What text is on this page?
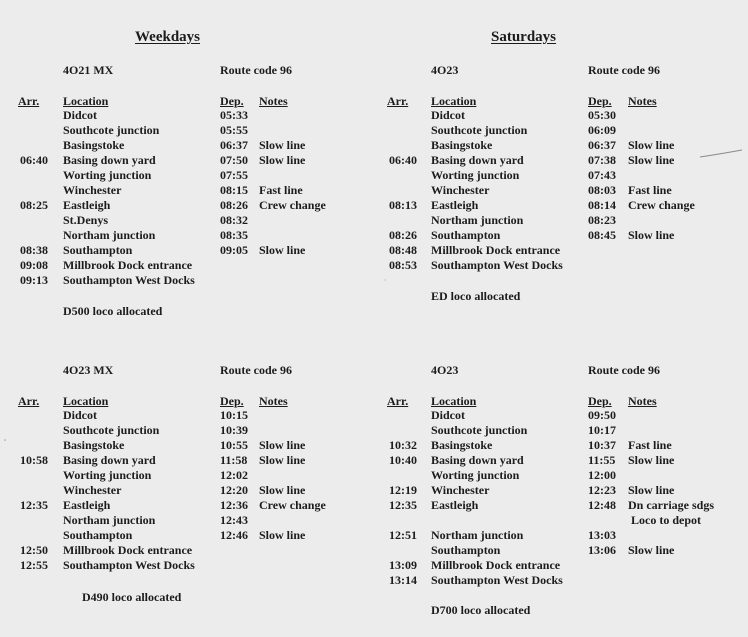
Weekdays	Saturdays
4O21 MX	Route code 96
Arr. Location	Dep. Notes
Didcot	05:33
Southcote junction	05:55
Basingstoke	06:37 Slow line
06:40 Basing down yard	07:50 Slow line
Worting junction	07:55
Winchester	08:15 Fast line
08:25 Eastleigh	08:26 Crew change
St.Denys	08:32
Northam junction	08:35
08:38 Southampton	09:05 Slow line
09:08 Millbrook Dock entrance
09:13 Southampton West Docks
D500 loco allocated
4O23	Route code 96
Arr. Location	Dep. Notes
Didcot	05:30
Southcote junction	06:09
Basingstoke	06:37 Slow line
06:40 Basing down yard	07:38 Slow line
Worting junction	07:43
Winchester	08:03 Fast line
08:13 Eastleigh	08:14 Crew change
Northam junction	08:23
08:26 Southampton	08:45 Slow line
08:48 Millbrook Dock entrance
08:53 Southampton West Docks
ED loco allocated
4O23 MX	Route code 96
Arr. Location	Dep. Notes
Didcot	10:15
Southcote junction	10:39
Basingstoke	10:55 Slow line
10:58 Basing down yard	11:58 Slow line
Worting junction	12:02
Winchester	12:20 Slow line
12:35 Eastleigh	12:36 Crew change
Northam junction	12:43
Southampton	12:46 Slow line
12:50 Millbrook Dock entrance
12:55 Southampton West Docks
D490 loco allocated
4O23	Route code 96
Arr. Location	Dep. Notes
Didcot	09:50
Southcote junction	10:17
10:32 Basingstoke	10:37 Fast line
10:40 Basing down yard	11:55 Slow line
Worting junction	12:00
12:19 Winchester	12:23 Slow line
12:35 Eastleigh	12:48 Dn carriage sdgs
Loco to depot
12:51 Northam junction	13:03
Southampton	13:06 Slow line
13:09 Millbrook Dock entrance
13:14 Southampton West Docks
D700 loco allocated
